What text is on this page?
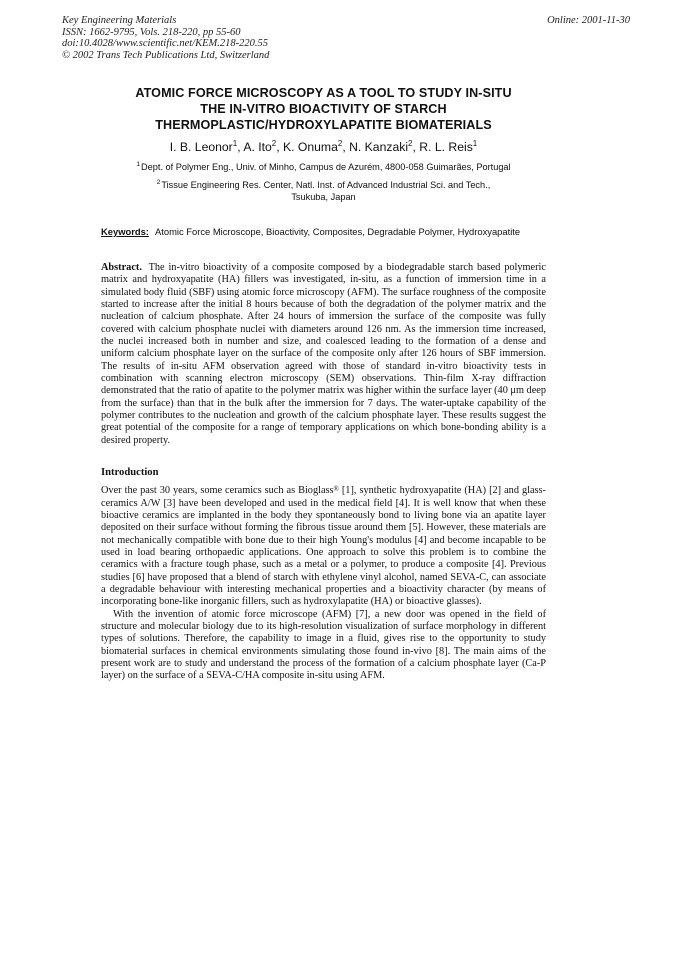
Key Engineering Materials
ISSN: 1662-9795, Vols. 218-220, pp 55-60
doi:10.4028/www.scientific.net/KEM.218-220.55
© 2002 Trans Tech Publications Ltd, Switzerland
Online: 2001-11-30
ATOMIC FORCE MICROSCOPY AS A TOOL TO STUDY IN-SITU
THE IN-VITRO BIOACTIVITY OF STARCH
THERMOPLASTIC/HYDROXYLAPATITE BIOMATERIALS
I. B. Leonor$^1$, A. Ito$^2$, K. Onuma$^2$, N. Kanzaki$^2$, R. L. Reis$^1$
$^1$Dept. of Polymer Eng., Univ. of Minho, Campus de Azurém, 4800-058 Guimarães, Portugal
$^2$Tissue Engineering Res. Center, Natl. Inst. of Advanced Industrial Sci. and Tech.,
Tsukuba, Japan
Keywords: Atomic Force Microscope, Bioactivity, Composites, Degradable Polymer, Hydroxyapatite
Abstract. The in-vitro bioactivity of a composite composed by a biodegradable starch based polymeric matrix and hydroxyapatite (HA) fillers was investigated, in-situ, as a function of immersion time in a simulated body fluid (SBF) using atomic force microscopy (AFM). The surface roughness of the composite started to increase after the initial 8 hours because of both the degradation of the polymer matrix and the nucleation of calcium phosphate. After 24 hours of immersion the surface of the composite was fully covered with calcium phosphate nuclei with diameters around 126 nm. As the immersion time increased, the nuclei increased both in number and size, and coalesced leading to the formation of a dense and uniform calcium phosphate layer on the surface of the composite only after 126 hours of SBF immersion. The results of in-situ AFM observation agreed with those of standard in-vitro bioactivity tests in combination with scanning electron microscopy (SEM) observations. Thin-film X-ray diffraction demonstrated that the ratio of apatite to the polymer matrix was higher within the surface layer (40 μm deep from the surface) than that in the bulk after the immersion for 7 days. The water-uptake capability of the polymer contributes to the nucleation and growth of the calcium phosphate layer. These results suggest the great potential of the composite for a range of temporary applications on which bone-bonding ability is a desired property.
Introduction
Over the past 30 years, some ceramics such as Bioglass® [1], synthetic hydroxyapatite (HA) [2] and glass-ceramics A/W [3] have been developed and used in the medical field [4]. It is well know that when these bioactive ceramics are implanted in the body they spontaneously bond to living bone via an apatite layer deposited on their surface without forming the fibrous tissue around them [5]. However, these materials are not mechanically compatible with bone due to their high Young's modulus [4] and become incapable to be used in load bearing orthopaedic applications. One approach to solve this problem is to combine the ceramics with a fracture tough phase, such as a metal or a polymer, to produce a composite [4]. Previous studies [6] have proposed that a blend of starch with ethylene vinyl alcohol, named SEVA-C, can associate a degradable behaviour with interesting mechanical properties and a bioactivity character (by means of incorporating bone-like inorganic fillers, such as hydroxylapatite (HA) or bioactive glasses).
With the invention of atomic force microscope (AFM) [7], a new door was opened in the field of structure and molecular biology due to its high-resolution visualization of surface morphology in different types of solutions. Therefore, the capability to image in a fluid, gives rise to the opportunity to study biomaterial surfaces in chemical environments simulating those found in-vivo [8]. The main aims of the present work are to study and understand the process of the formation of a calcium phosphate layer (Ca-P layer) on the surface of a SEVA-C/HA composite in-situ using AFM.
